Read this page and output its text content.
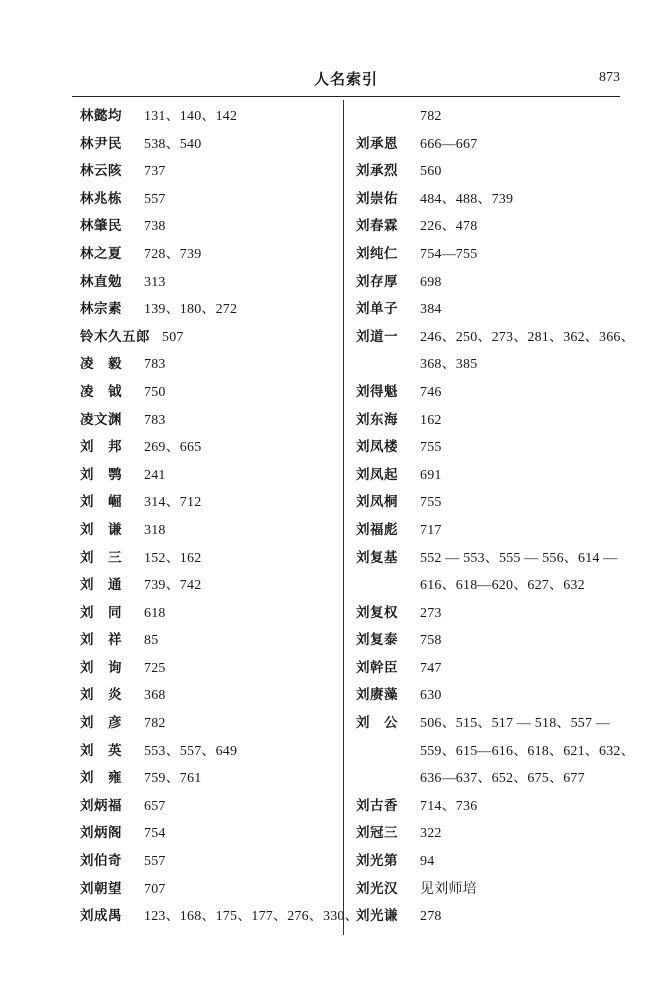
人名索引	873
林懿均 131、140、142
林尹民 538、540
林云陔 737
林兆栋 557
林肇民 738
林之夏 728、739
林直勉 313
林宗素 139、180、272
铃木久五郎 507
凌　毅 783
凌　钺 750
凌文渊 783
刘　邦 269、665
刘　鹗 241
刘　崛 314、712
刘　谦 318
刘　三 152、162
刘　通 739、742
刘　同 618
刘　祥 85
刘　询 725
刘　炎 368
刘　彦 782
刘　英 553、557、649
刘　雍 759、761
刘炳福 657
刘炳阁 754
刘伯奇 557
刘朝望 707
刘成禺 123、168、175、177、276、330、
782
刘承恩 666—667
刘承烈 560
刘崇佑 484、488、739
刘春霖 226、478
刘纯仁 754—755
刘存厚 698
刘单子 384
刘道一 246、250、273、281、362、366、
368、385
刘得魁 746
刘东海 162
刘凤楼 755
刘凤起 691
刘凤桐 755
刘福彪 717
刘复基 552 — 553、555 — 556、614 —
616、618—620、627、632
刘复权 273
刘复泰 758
刘幹臣 747
刘赓藻 630
刘　公 506、515、517 — 518、557 —
559、615—616、618、621、632、
636—637、652、675、677
刘古香 714、736
刘冠三 322
刘光第 94
刘光汉 见刘师培
刘光谦 278
